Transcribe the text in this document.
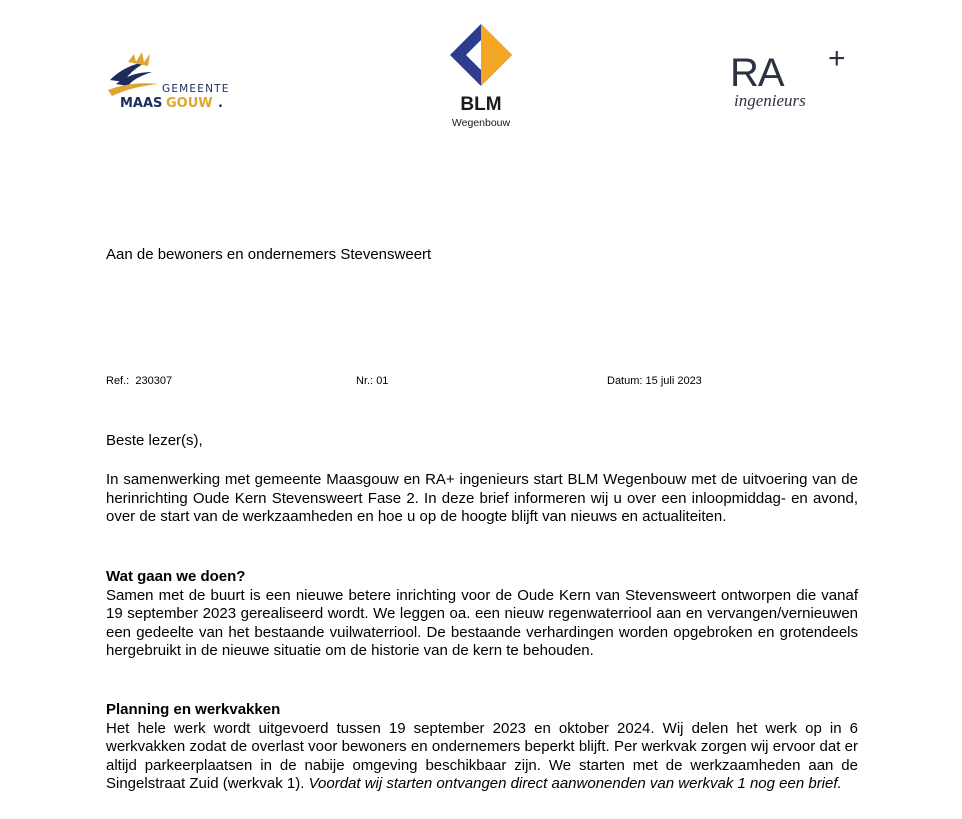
GEMEENTE
MAAS GOUW .	BLM
Wegenbouw
RA +
ingenieurs
Aan de bewoners en ondernemers Stevensweert
Ref.: 230307	Nr.: 01	Datum: 15 juli 2023
Beste lezer(s),

In samenwerking met gemeente Maasgouw en RA+ ingenieurs start BLM Wegenbouw met de uitvoering van de herinrichting Oude Kern Stevensweert Fase 2. In deze brief informeren wij u over een inloopmiddag- en avond, over de start van de werkzaamheden en hoe u op de hoogte blijft van nieuws en actualiteiten.

Wat gaan we doen?

Samen met de buurt is een nieuwe betere inrichting voor de Oude Kern van Stevensweert ontworpen die vanaf 19 september 2023 gerealiseerd wordt. We leggen oa. een nieuw regenwaterriool aan en vervangen/vernieuwen een gedeelte van het bestaande vuilwaterriool. De bestaande verhardingen worden opgebroken en grotendeels hergebruikt in de nieuwe situatie om de historie van de kern te behouden.

Planning en werkvakken

Het hele werk wordt uitgevoerd tussen 19 september 2023 en oktober 2024. Wij delen het werk op in 6 werkvakken zodat de overlast voor bewoners en ondernemers beperkt blijft. Per werkvak zorgen wij ervoor dat er altijd parkeerplaatsen in de nabije omgeving beschikbaar zijn. We starten met de werkzaamheden aan de Singelstraat Zuid (werkvak 1). Voordat wij starten ontvangen direct aanwonenden van werkvak 1 nog een brief.
